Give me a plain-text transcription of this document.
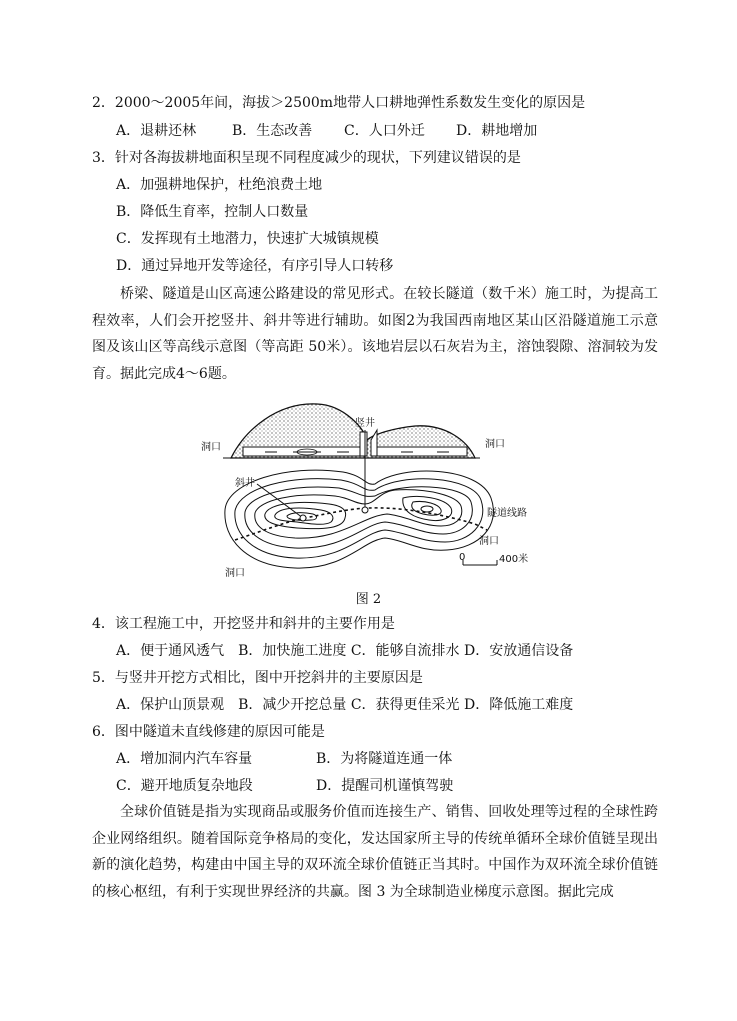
2．2000～2005年间，海拔＞2500m地带人口耕地弹性系数发生变化的原因是
A．退耕还林	B．生态改善 C．人口外迁 D．耕地增加
3．针对各海拔耕地面积呈现不同程度减少的现状，下列建议错误的是
A．加强耕地保护，杜绝浪费土地
B．降低生育率，控制人口数量
C．发挥现有土地潜力，快速扩大城镇规模
D．通过异地开发等途径，有序引导人口转移
桥梁、隧道是山区高速公路建设的常见形式。在较长隧道（数千米）施工时，为提高工程效率，人们会开挖竖井、斜井等进行辅助。如图2为我国西南地区某山区沿隧道施工示意图及该山区等高线示意图（等高距 50米）。该地岩层以石灰岩为主，溶蚀裂隙、溶洞较为发育。据此完成4～6题。
竖井
洞口	洞口
斜井
隧道线路
洞口
洞口
0	400米
图 2
4．该工程施工中，开挖竖井和斜井的主要作用是
A．便于通风透气　B．加快施工进度 C．能够自流排水 D．安放通信设备
5．与竖井开挖方式相比，图中开挖斜井的主要原因是
A．保护山顶景观　B．减少开挖总量 C．获得更佳采光 D．降低施工难度
6．图中隧道未直线修建的原因可能是
A．增加洞内汽车容量	B．为将隧道连通一体
C．避开地质复杂地段	D．提醒司机谨慎驾驶
全球价值链是指为实现商品或服务价值而连接生产、销售、回收处理等过程的全球性跨企业网络组织。随着国际竞争格局的变化，发达国家所主导的传统单循环全球价值链呈现出新的演化趋势，构建由中国主导的双环流全球价值链正当其时。中国作为双环流全球价值链的核心枢纽，有利于实现世界经济的共赢。图 3 为全球制造业梯度示意图。据此完成
